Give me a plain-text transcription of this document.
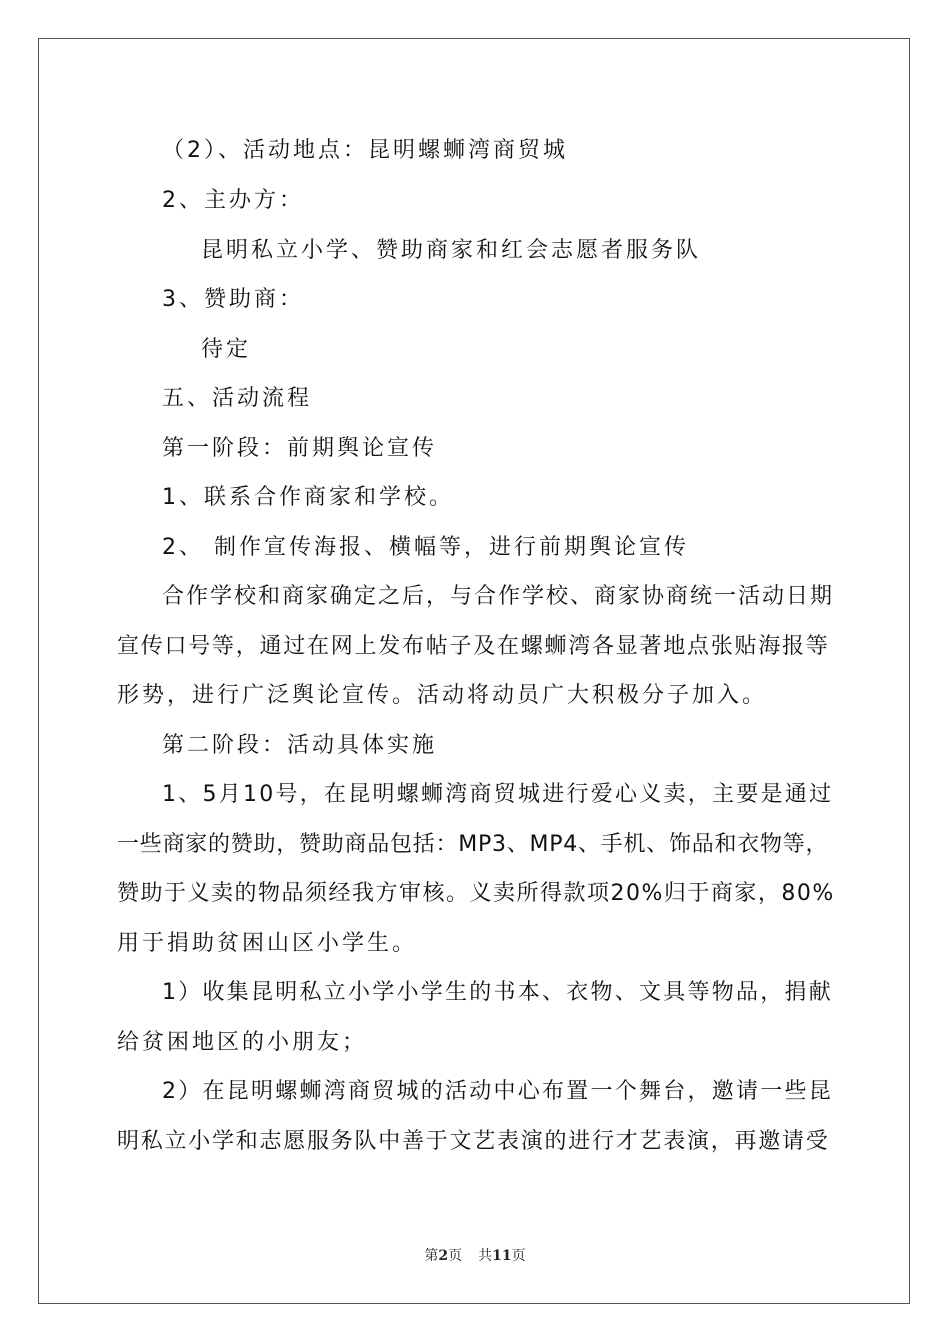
（2）、活动地点：昆明螺蛳湾商贸城
2、主办方：
昆明私立小学、赞助商家和红会志愿者服务队
3、赞助商：
待定
五、活动流程
第一阶段：前期舆论宣传
1、联系合作商家和学校。
2、 制作宣传海报、横幅等，进行前期舆论宣传
合作学校和商家确定之后，与合作学校、商家协商统一活动日期
宣传口号等，通过在网上发布帖子及在螺蛳湾各显著地点张贴海报等
形势，进行广泛舆论宣传。活动将动员广大积极分子加入。
第二阶段：活动具体实施
1、5月10号，在昆明螺蛳湾商贸城进行爱心义卖，主要是通过
一些商家的赞助，赞助商品包括：MP3、MP4、手机、饰品和衣物等，
赞助于义卖的物品须经我方审核。义卖所得款项20%归于商家，80%
用于捐助贫困山区小学生。
1）收集昆明私立小学小学生的书本、衣物、文具等物品，捐献
给贫困地区的小朋友；
2）在昆明螺蛳湾商贸城的活动中心布置一个舞台，邀请一些昆
明私立小学和志愿服务队中善于文艺表演的进行才艺表演，再邀请受
第2页 共11页
